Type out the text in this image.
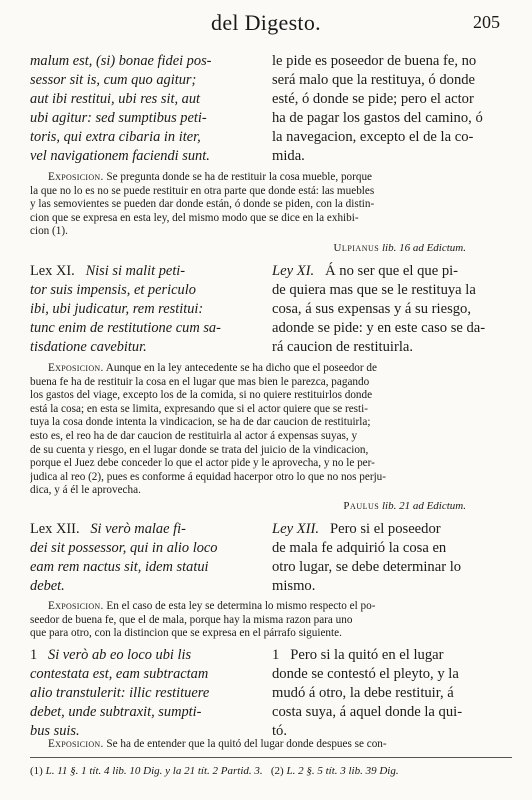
del Digesto.	205
malum est, (si) bonae fidei pos-
sessor sit is, cum quo agitur;
aut ibi restitui, ubi res sit, aut
ubi agitur: sed sumptibus peti-
toris, qui extra cibaria in iter,
vel navigationem faciendi sunt.
le pide es poseedor de buena fe, no
será malo que la restituya, ó donde
esté, ó donde se pide; pero el actor
ha de pagar los gastos del camino, ó
la navegacion, excepto el de la co-
mida.
Exposicion. Se pregunta donde se ha de restituir la cosa mueble, porque
la que no lo es no se puede restituir en otra parte que donde está: las muebles
y las semovientes se pueden dar donde están, ó donde se piden, con la distin-
cion que se expresa en esta ley, del mismo modo que se dice en la exhibi-
cion (1).
Ulpianus lib. 16 ad Edictum.
Lex XI. Nisi si malit peti-
tor suis impensis, et periculo
ibi, ubi judicatur, rem restitui:
tunc enim de restitutione cum sa-
tisdatione cavebitur.
Ley XI. Á no ser que el que pi-
de quiera mas que se le restituya la
cosa, á sus expensas y á su riesgo,
adonde se pide: y en este caso se da-
rá caucion de restituirla.
Exposicion. Aunque en la ley antecedente se ha dicho que el poseedor de
buena fe ha de restituir la cosa en el lugar que mas bien le parezca, pagando
los gastos del viage, excepto los de la comida, si no quiere restituirlos donde
está la cosa; en esta se limita, expresando que si el actor quiere que se resti-
tuya la cosa donde intenta la vindicacion, se ha de dar caucion de restituirla;
esto es, el reo ha de dar caucion de restituirla al actor á expensas suyas, y
de su cuenta y riesgo, en el lugar donde se trata del juicio de la vindicacion,
porque el Juez debe conceder lo que el actor pide y le aprovecha, y no le per-
judica al reo (2), pues es conforme á equidad hacerpor otro lo que no nos perju-
dica, y á él le aprovecha.
Paulus lib. 21 ad Edictum.
Lex XII. Si verò malae fi-
dei sit possessor, qui in alio loco
eam rem nactus sit, idem statui
debet.
Ley XII. Pero si el poseedor
de mala fe adquirió la cosa en
otro lugar, se debe determinar lo
mismo.
Exposicion. En el caso de esta ley se determina lo mismo respecto el po-
seedor de buena fe, que el de mala, porque hay la misma razon para uno
que para otro, con la distincion que se expresa en el párrafo siguiente.
1 Si verò ab eo loco ubi lis
contestata est, eam subtractam
alio transtulerit: illic restituere
debet, unde subtraxit, sumpti-
bus suis.
1 Pero si la quitó en el lugar
donde se contestó el pleyto, y la
mudó á otro, la debe restituir, á
costa suya, á aquel donde la qui-
tó.
Exposicion. Se ha de entender que la quitó del lugar donde despues se con-
(1) L. 11 §. 1 tít. 4 lib. 10 Dig. y la 21 tít. 2 Partid. 3. (2) L. 2 §. 5 tít. 3 lib. 39 Dig.
